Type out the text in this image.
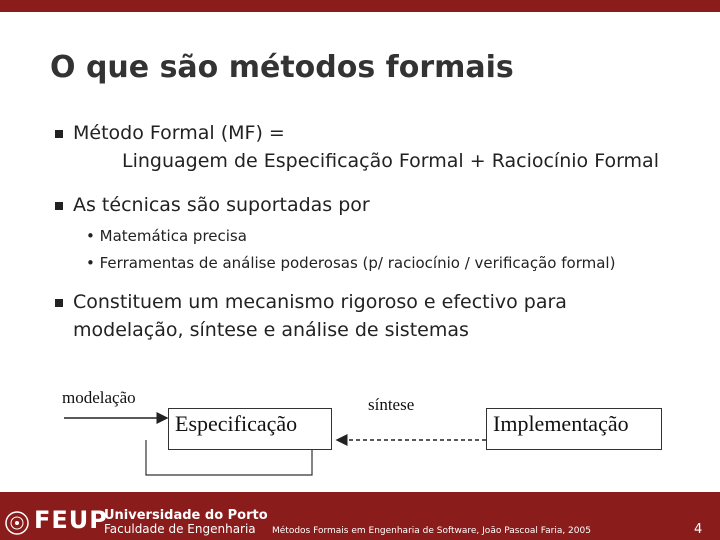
O que são métodos formais
Método Formal (MF) =
Linguagem de Especificação Formal + Raciocínio Formal
As técnicas são suportadas por
• Matemática precisa
• Ferramentas de análise poderosas (p/ raciocínio / verificação formal)
Constituem um mecanismo rigoroso e efectivo para
modelação, síntese e análise de sistemas
modelação	síntese
Especificação	Implementação
FEUP
Universidade do Porto
Faculdade de Engenharia Métodos Formais em Engenharia de Software, João Pascoal Faria, 2005	4
